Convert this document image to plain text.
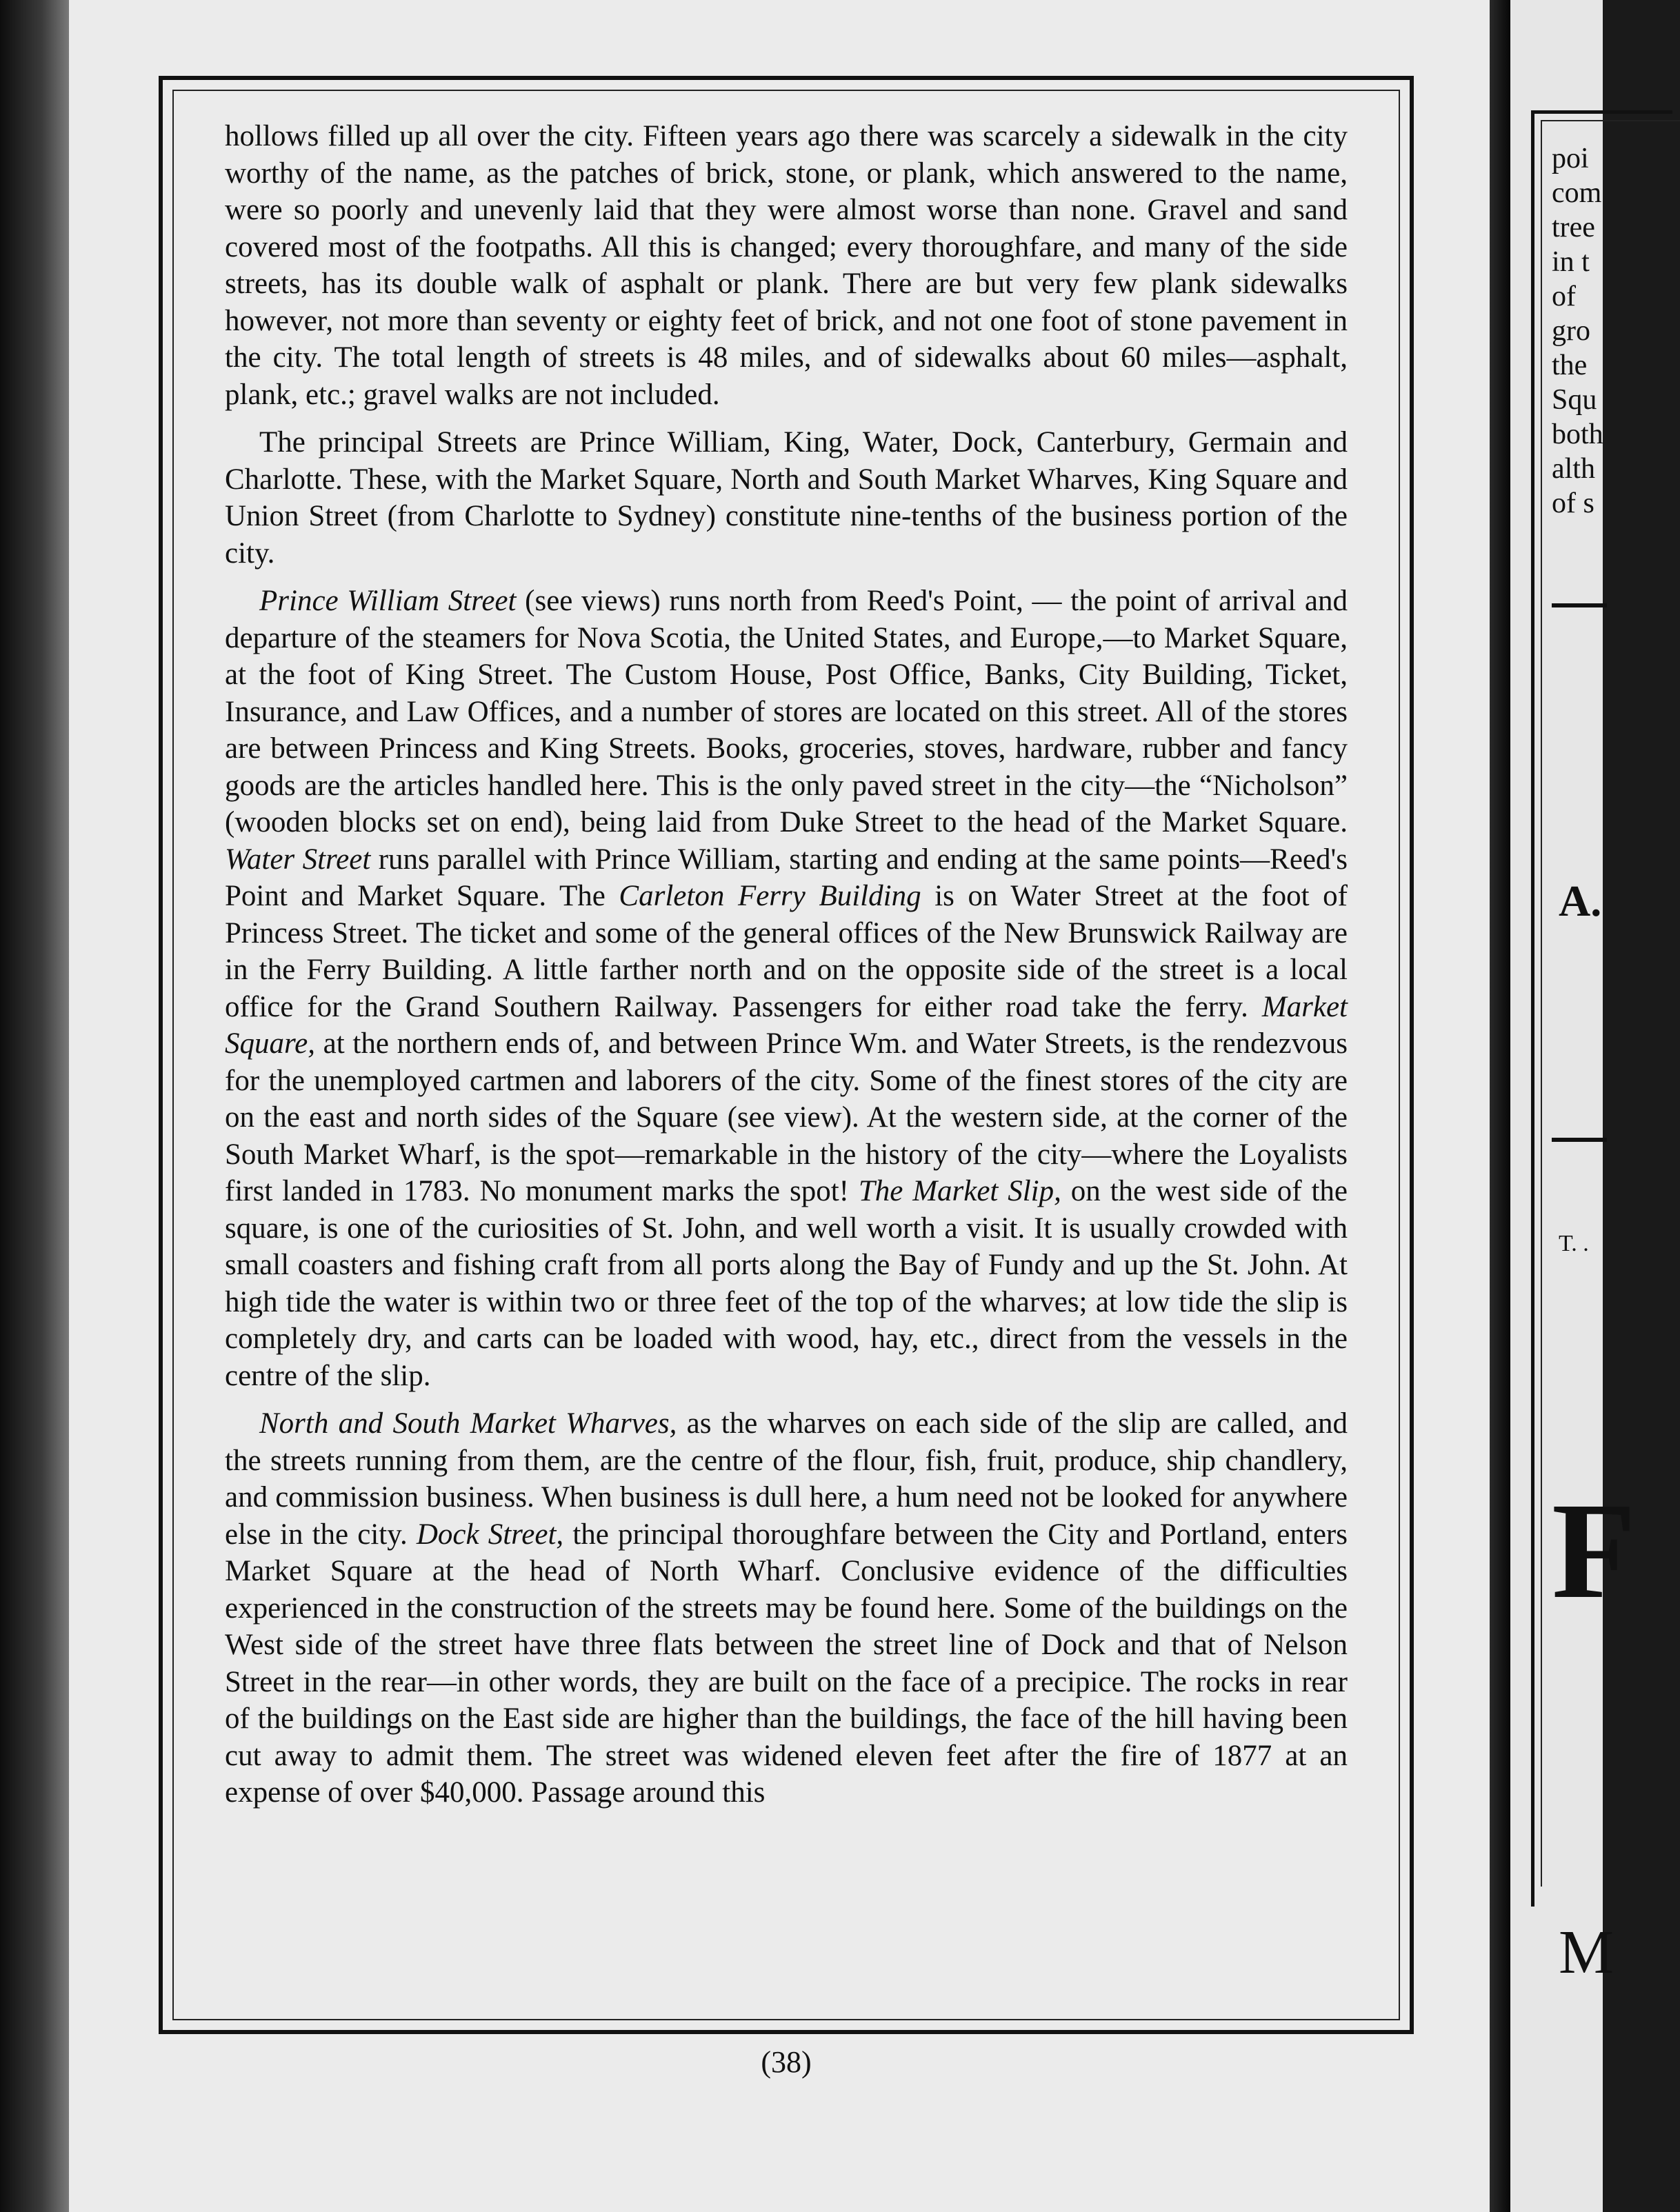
hollows filled up all over the city. Fifteen years ago there was scarcely a sidewalk in the city worthy of the name, as the patches of brick, stone, or plank, which answered to the name, were so poorly and unevenly laid that they were almost worse than none. Gravel and sand covered most of the footpaths. All this is changed; every thoroughfare, and many of the side streets, has its double walk of asphalt or plank. There are but very few plank sidewalks however, not more than seventy or eighty feet of brick, and not one foot of stone pavement in the city. The total length of streets is 48 miles, and of sidewalks about 60 miles—asphalt, plank, etc.; gravel walks are not included.

The principal Streets are Prince William, King, Water, Dock, Canterbury, Germain and Charlotte. These, with the Market Square, North and South Market Wharves, King Square and Union Street (from Charlotte to Sydney) constitute nine-tenths of the business portion of the city.

Prince William Street (see views) runs north from Reed's Point, — the point of arrival and departure of the steamers for Nova Scotia, the United States, and Europe,—to Market Square, at the foot of King Street. The Custom House, Post Office, Banks, City Building, Ticket, Insurance, and Law Offices, and a number of stores are located on this street. All of the stores are between Princess and King Streets. Books, groceries, stoves, hardware, rubber and fancy goods are the articles handled here. This is the only paved street in the city—the “Nicholson” (wooden blocks set on end), being laid from Duke Street to the head of the Market Square. Water Street runs parallel with Prince William, starting and ending at the same points—Reed's Point and Market Square. The Carleton Ferry Building is on Water Street at the foot of Princess Street. The ticket and some of the general offices of the New Brunswick Railway are in the Ferry Building. A little farther north and on the opposite side of the street is a local office for the Grand Southern Railway. Passengers for either road take the ferry. Market Square, at the northern ends of, and between Prince Wm. and Water Streets, is the rendezvous for the unemployed cartmen and laborers of the city. Some of the finest stores of the city are on the east and north sides of the Square (see view). At the western side, at the corner of the South Market Wharf, is the spot—remarkable in the history of the city—where the Loyalists first landed in 1783. No monument marks the spot! The Market Slip, on the west side of the square, is one of the curiosities of St. John, and well worth a visit. It is usually crowded with small coasters and fishing craft from all ports along the Bay of Fundy and up the St. John. At high tide the water is within two or three feet of the top of the wharves; at low tide the slip is completely dry, and carts can be loaded with wood, hay, etc., direct from the vessels in the centre of the slip.

North and South Market Wharves, as the wharves on each side of the slip are called, and the streets running from them, are the centre of the flour, fish, fruit, produce, ship chandlery, and commission business. When business is dull here, a hum need not be looked for anywhere else in the city. Dock Street, the principal thoroughfare between the City and Portland, enters Market Square at the head of North Wharf. Conclusive evidence of the difficulties experienced in the construction of the streets may be found here. Some of the buildings on the West side of the street have three flats between the street line of Dock and that of Nelson Street in the rear—in other words, they are built on the face of a precipice. The rocks in rear of the buildings on the East side are higher than the buildings, the face of the hill having been cut away to admit them. The street was widened eleven feet after the fire of 1877 at an expense of over $40,000. Passage around this

(38)
poi
com
tree
in t
of
gro
the
Squ
both
alth
of s
A.
T. .
F
M
